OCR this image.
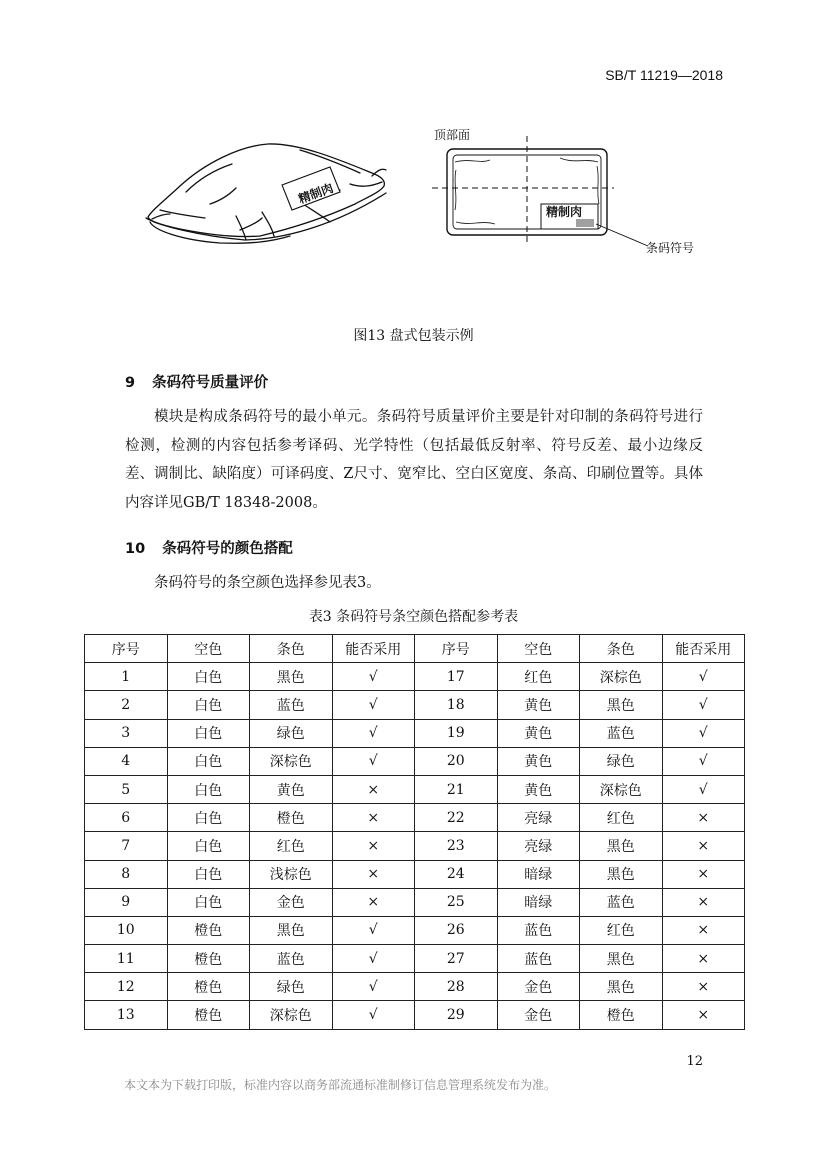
SB/T 11219—2018
精制肉
精制肉
顶部面
条码符号
图13 盘式包装示例
9 条码符号质量评价

模块是构成条码符号的最小单元。条码符号质量评价主要是针对印制的条码符号进行检测，检测的内容包括参考译码、光学特性（包括最低反射率、符号反差、最小边缘反差、调制比、缺陷度）可译码度、Z尺寸、宽窄比、空白区宽度、条高、印刷位置等。具体内容详见GB/T 18348-2008。

10 条码符号的颜色搭配

条码符号的条空颜色选择参见表3。

表3 条码符号条空颜色搭配参考表
序号	空色	条色	能否采用	序号	空色	条色	能否采用
1	白色	黑色	√	17	红色	深棕色	√
2	白色	蓝色	√	18	黄色	黑色	√
3	白色	绿色	√	19	黄色	蓝色	√
4	白色	深棕色	√	20	黄色	绿色	√
5	白色	黄色	×	21	黄色	深棕色	√
6	白色	橙色	×	22	亮绿	红色	×
7	白色	红色	×	23	亮绿	黑色	×
8	白色	浅棕色	×	24	暗绿	黑色	×
9	白色	金色	×	25	暗绿	蓝色	×
10	橙色	黑色	√	26	蓝色	红色	×
11	橙色	蓝色	√	27	蓝色	黑色	×
12	橙色	绿色	√	28	金色	黑色	×
13	橙色	深棕色	√	29	金色	橙色	×
12
本文本为下载打印版，标准内容以商务部流通标准制修订信息管理系统发布为准。
